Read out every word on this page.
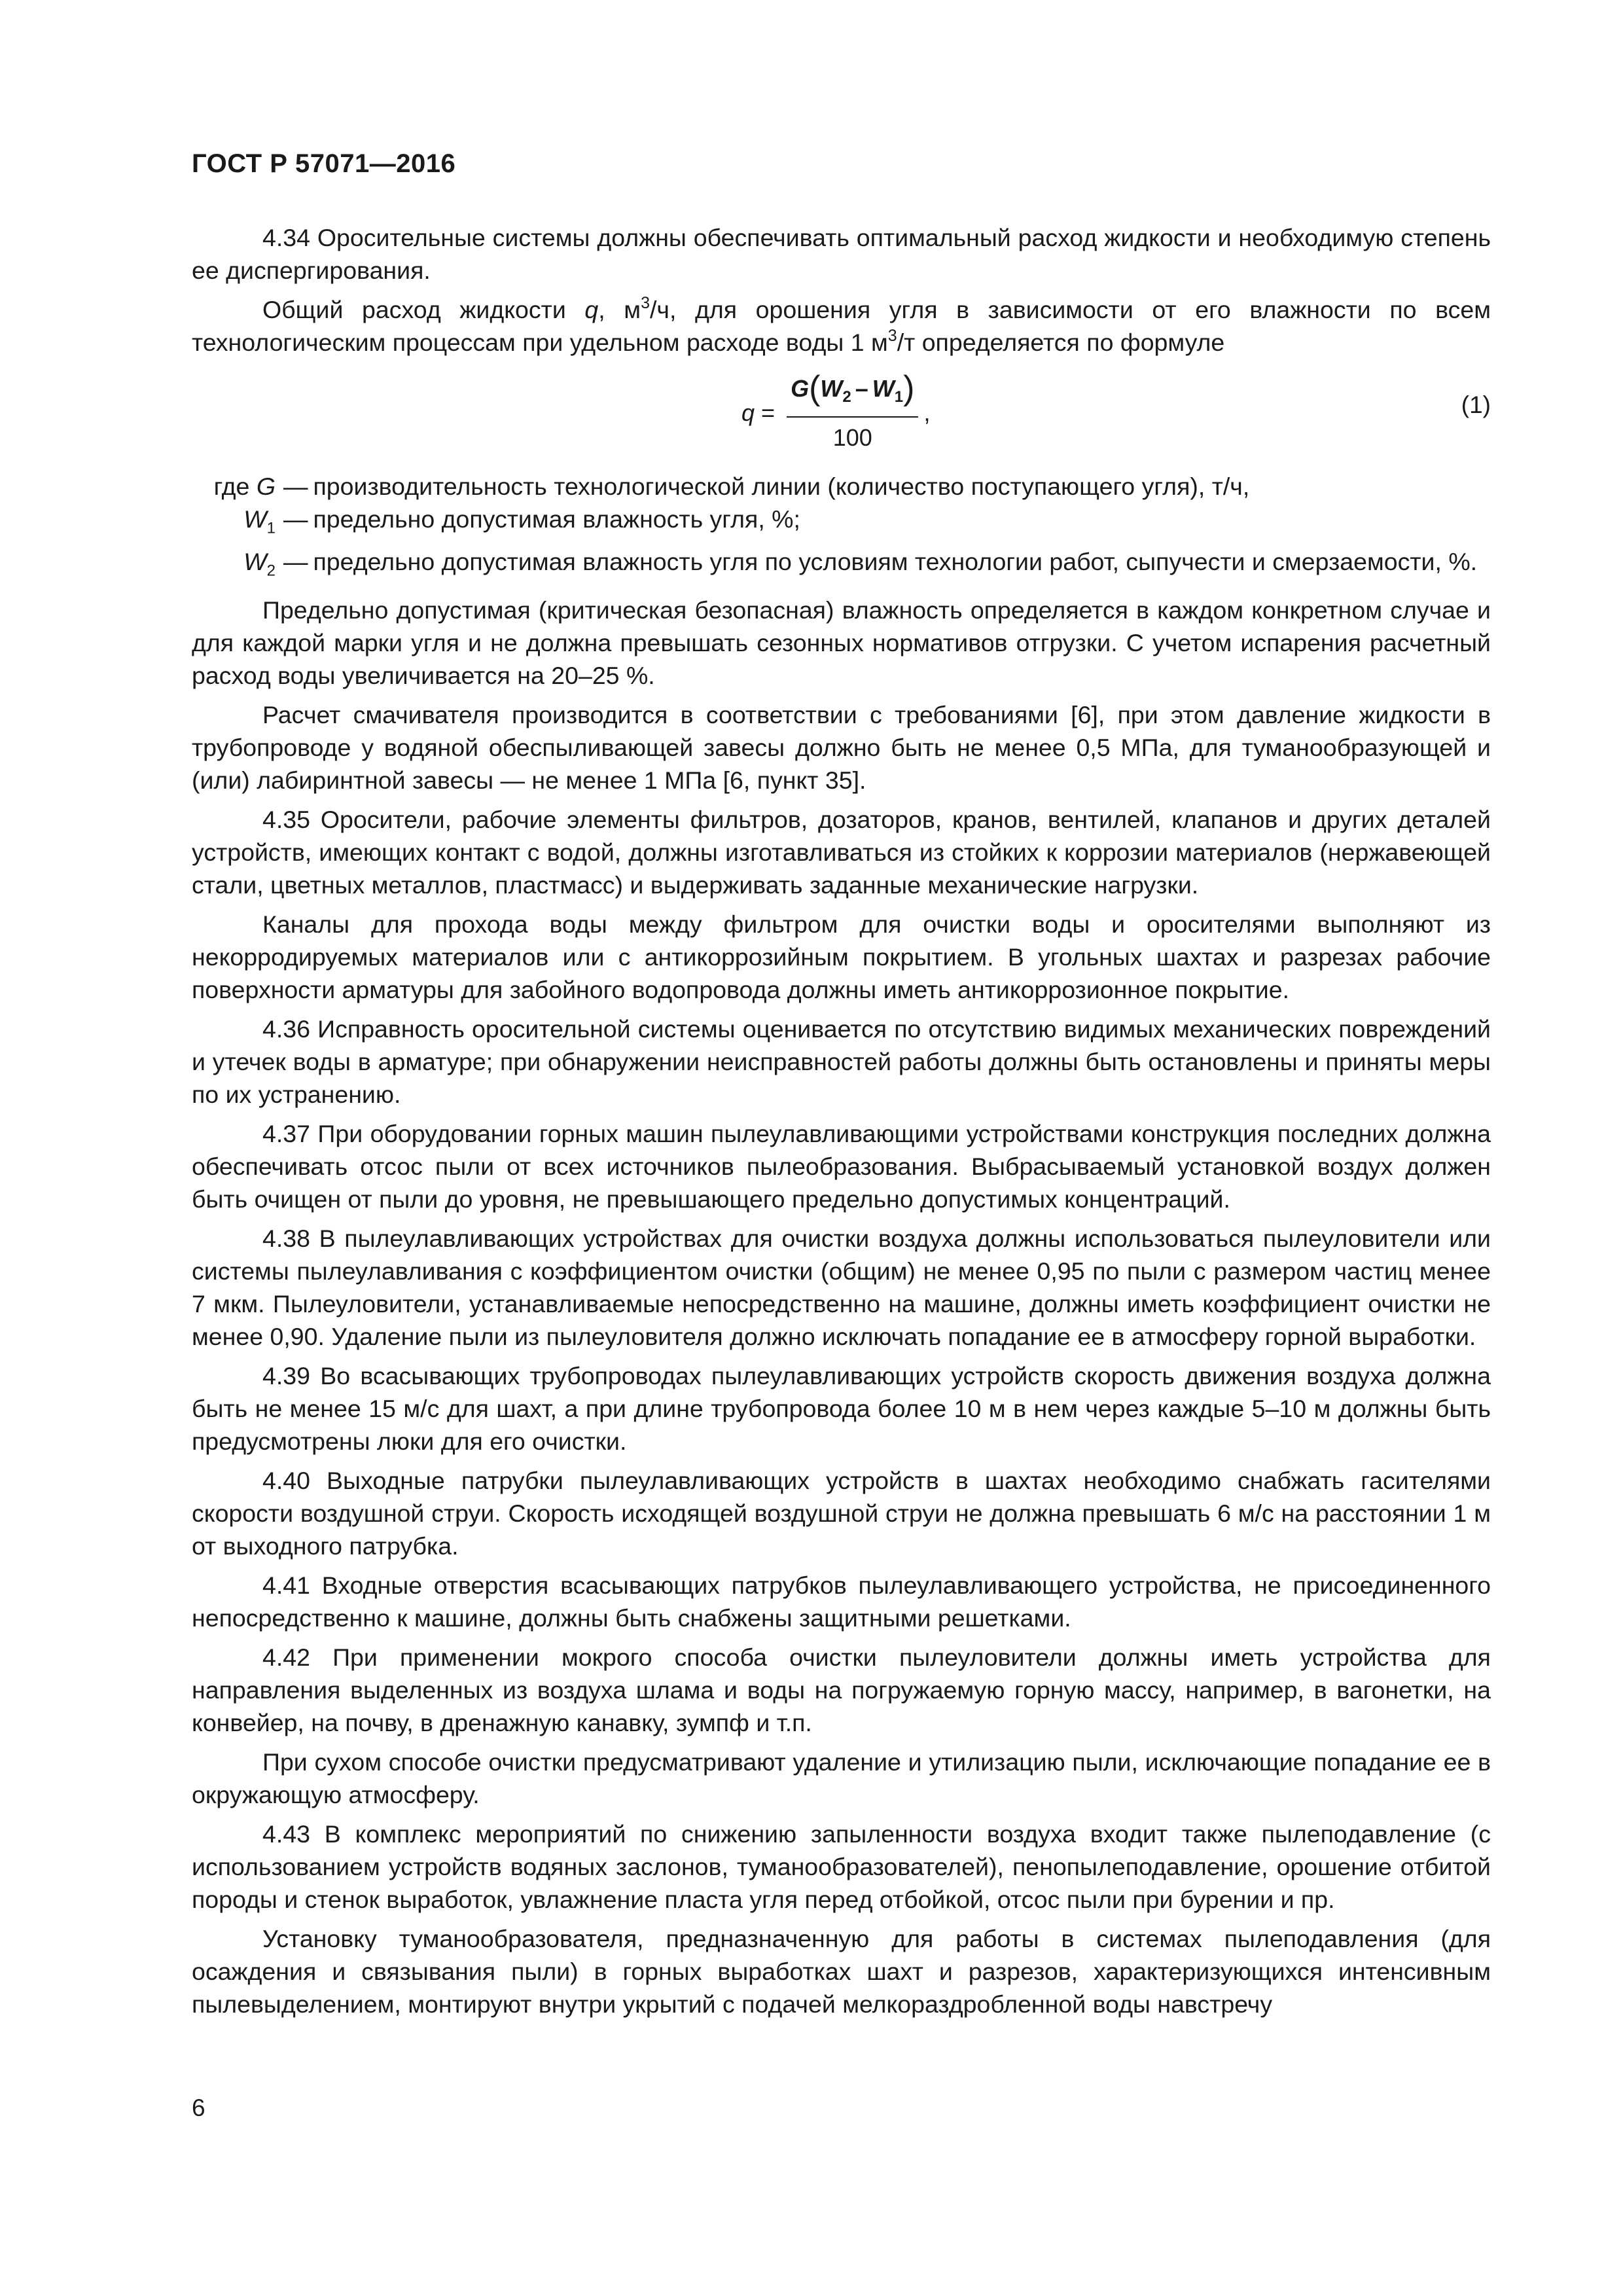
ГОСТ Р 57071—2016

4.34 Оросительные системы должны обеспечивать оптимальный расход жидкости и необходимую степень ее диспергирования.

Общий расход жидкости q, $м^3/ч$, для орошения угля в зависимости от его влажности по всем технологическим процессам при удельном расходе воды 1 $м^3/т$ определяется по формуле

$q = \frac{G(W_2 - W_1)}{100}$ ,	(1)
где G — производительность технологической линии (количество поступающего угля), т/ч,
$W_1$ — предельно допустимая влажность угля, %;
$W_2$ — предельно допустимая влажность угля по условиям технологии работ, сыпучести и смерзаемости, %.

Предельно допустимая (критическая безопасная) влажность определяется в каждом конкретном случае и для каждой марки угля и не должна превышать сезонных нормативов отгрузки. С учетом испарения расчетный расход воды увеличивается на 20–25 %.

Расчет смачивателя производится в соответствии с требованиями [6], при этом давление жидкости в трубопроводе у водяной обеспыливающей завесы должно быть не менее 0,5 МПа, для туманообразующей и (или) лабиринтной завесы — не менее 1 МПа [6, пункт 35].

4.35 Оросители, рабочие элементы фильтров, дозаторов, кранов, вентилей, клапанов и других деталей устройств, имеющих контакт с водой, должны изготавливаться из стойких к коррозии материалов (нержавеющей стали, цветных металлов, пластмасс) и выдерживать заданные механические нагрузки.

Каналы для прохода воды между фильтром для очистки воды и оросителями выполняют из некорродируемых материалов или с антикоррозийным покрытием. В угольных шахтах и разрезах рабочие поверхности арматуры для забойного водопровода должны иметь антикоррозионное покрытие.

4.36 Исправность оросительной системы оценивается по отсутствию видимых механических повреждений и утечек воды в арматуре; при обнаружении неисправностей работы должны быть остановлены и приняты меры по их устранению.

4.37 При оборудовании горных машин пылеулавливающими устройствами конструкция последних должна обеспечивать отсос пыли от всех источников пылеобразования. Выбрасываемый установкой воздух должен быть очищен от пыли до уровня, не превышающего предельно допустимых концентраций.

4.38 В пылеулавливающих устройствах для очистки воздуха должны использоваться пылеуловители или системы пылеулавливания с коэффициентом очистки (общим) не менее 0,95 по пыли с размером частиц менее 7 мкм. Пылеуловители, устанавливаемые непосредственно на машине, должны иметь коэффициент очистки не менее 0,90. Удаление пыли из пылеуловителя должно исключать попадание ее в атмосферу горной выработки.

4.39 Во всасывающих трубопроводах пылеулавливающих устройств скорость движения воздуха должна быть не менее 15 м/с для шахт, а при длине трубопровода более 10 м в нем через каждые 5–10 м должны быть предусмотрены люки для его очистки.

4.40 Выходные патрубки пылеулавливающих устройств в шахтах необходимо снабжать гасителями скорости воздушной струи. Скорость исходящей воздушной струи не должна превышать 6 м/с на расстоянии 1 м от выходного патрубка.

4.41 Входные отверстия всасывающих патрубков пылеулавливающего устройства, не присоединенного непосредственно к машине, должны быть снабжены защитными решетками.

4.42 При применении мокрого способа очистки пылеуловители должны иметь устройства для направления выделенных из воздуха шлама и воды на погружаемую горную массу, например, в вагонетки, на конвейер, на почву, в дренажную канавку, зумпф и т.п.

При сухом способе очистки предусматривают удаление и утилизацию пыли, исключающие попадание ее в окружающую атмосферу.

4.43 В комплекс мероприятий по снижению запыленности воздуха входит также пылеподавление (с использованием устройств водяных заслонов, туманообразователей), пенопылеподавление, орошение отбитой породы и стенок выработок, увлажнение пласта угля перед отбойкой, отсос пыли при бурении и пр.

Установку туманообразователя, предназначенную для работы в системах пылеподавления (для осаждения и связывания пыли) в горных выработках шахт и разрезов, характеризующихся интенсивным пылевыделением, монтируют внутри укрытий с подачей мелкораздробленной воды навстречу

6
